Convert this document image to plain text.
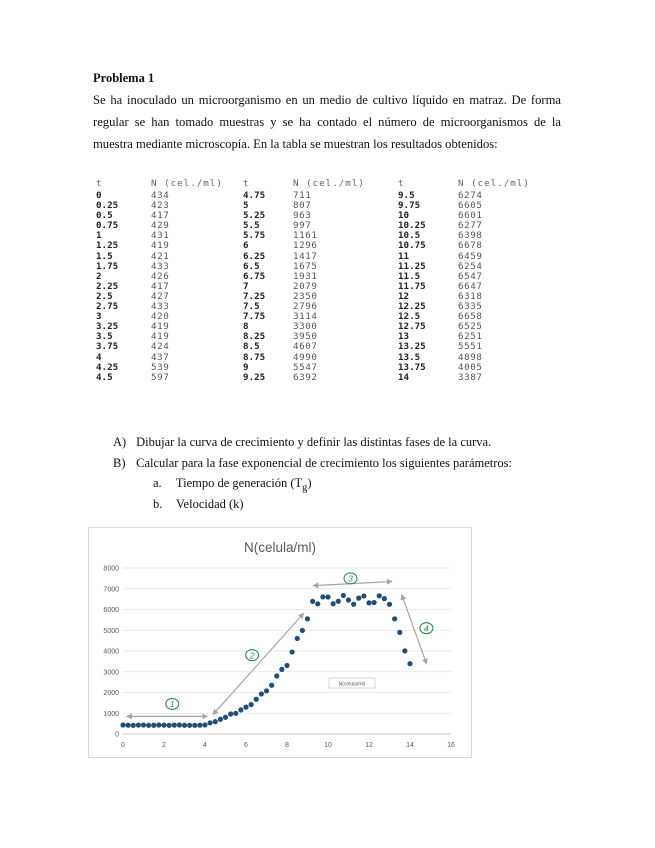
Problema 1

Se ha inoculado un microorganismo en un medio de cultivo líquido en matraz. De forma regular se han tomado muestras y se ha contado el número de microorganismos de la muestra mediante microscopía. En la tabla se muestran los resultados obtenidos:

t	N (cel./ml)	t	N (cel./ml)	t	N (cel./ml)
0	434	4.75	711	9.5	6274
0.25	423	5	807	9.75	6605
0.5	417	5.25	963	10	6601
0.75	429	5.5	997	10.25	6277
1	431	5.75	1161	10.5	6398
1.25	419	6	1296	10.75	6678
1.5	421	6.25	1417	11	6459
1.75	433	6.5	1675	11.25	6254
2	426	6.75	1931	11.5	6547
2.25	417	7	2079	11.75	6647
2.5	427	7.25	2350	12	6318
2.75	433	7.5	2796	12.25	6335
3	420	7.75	3114	12.5	6658
3.25	419	8	3300	12.75	6525
3.5	419	8.25	3950	13	6251
3.75	424	8.5	4607	13.25	5551
4	437	8.75	4990	13.5	4898
4.25	539	9	5547	13.75	4005
4.5	597	9.25	6392	14	3387
A) Dibujar la curva de crecimiento y definir las distintas fases de la curva.
B) Calcular para la fase exponencial de crecimiento los siguientes parámetros:
a. Tiempo de generación $(T_g)$
b. Velocidad (k)
N(celula/ml)
0
1000
2000
3000
4000
5000
6000
7000
8000
0	2	4	6	8	10	12	14	16
1
2
3
4
N(celula/ml)
